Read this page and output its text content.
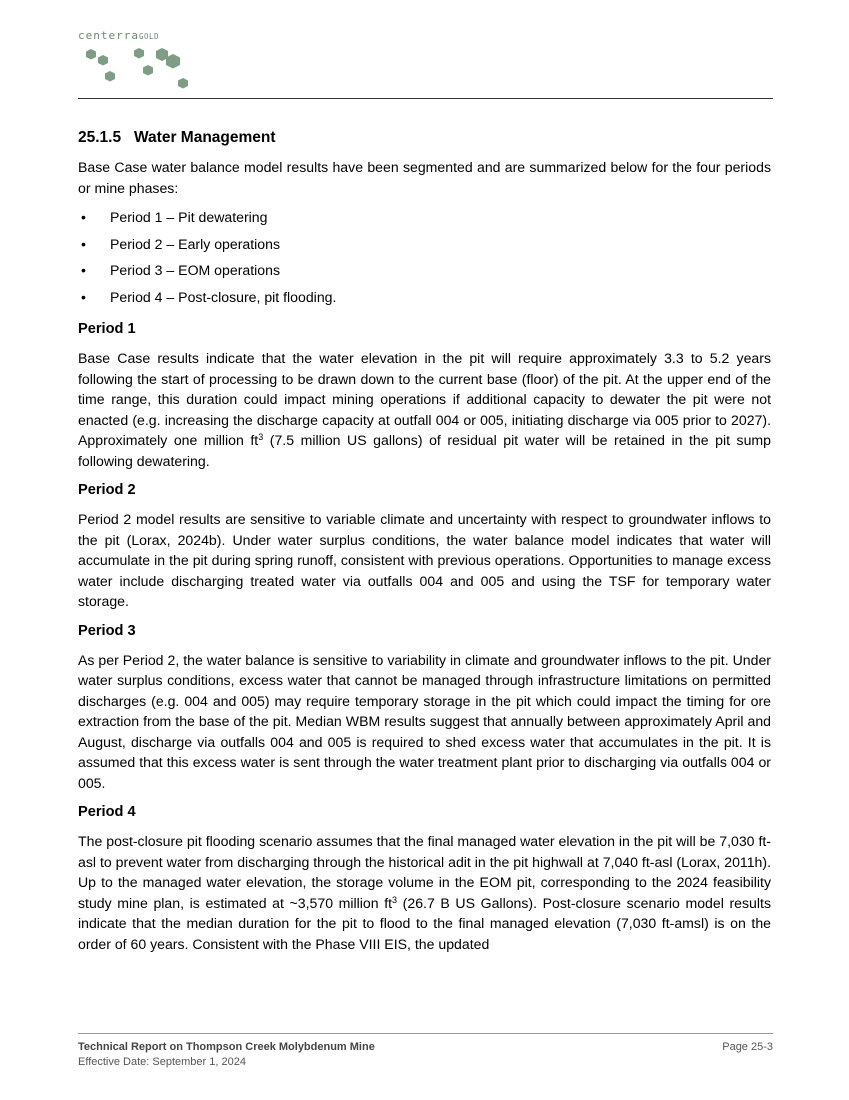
centerraGOLD
25.1.5 Water Management

Base Case water balance model results have been segmented and are summarized below for the four periods or mine phases:

• Period 1 – Pit dewatering
• Period 2 – Early operations
• Period 3 – EOM operations
• Period 4 – Post-closure, pit flooding.
Period 1

Base Case results indicate that the water elevation in the pit will require approximately 3.3 to 5.2 years following the start of processing to be drawn down to the current base (floor) of the pit. At the upper end of the time range, this duration could impact mining operations if additional capacity to dewater the pit were not enacted (e.g. increasing the discharge capacity at outfall 004 or 005, initiating discharge via 005 prior to 2027). Approximately one million $ft^3$ (7.5 million US gallons) of residual pit water will be retained in the pit sump following dewatering.

Period 2

Period 2 model results are sensitive to variable climate and uncertainty with respect to groundwater inflows to the pit (Lorax, 2024b). Under water surplus conditions, the water balance model indicates that water will accumulate in the pit during spring runoff, consistent with previous operations. Opportunities to manage excess water include discharging treated water via outfalls 004 and 005 and using the TSF for temporary water storage.

Period 3

As per Period 2, the water balance is sensitive to variability in climate and groundwater inflows to the pit. Under water surplus conditions, excess water that cannot be managed through infrastructure limitations on permitted discharges (e.g. 004 and 005) may require temporary storage in the pit which could impact the timing for ore extraction from the base of the pit. Median WBM results suggest that annually between approximately April and August, discharge via outfalls 004 and 005 is required to shed excess water that accumulates in the pit. It is assumed that this excess water is sent through the water treatment plant prior to discharging via outfalls 004 or 005.

Period 4

The post-closure pit flooding scenario assumes that the final managed water elevation in the pit will be 7,030 ft-asl to prevent water from discharging through the historical adit in the pit highwall at 7,040 ft-asl (Lorax, 2011h). Up to the managed water elevation, the storage volume in the EOM pit, corresponding to the 2024 feasibility study mine plan, is estimated at ~3,570 million $ft^3$ (26.7 B US Gallons). Post-closure scenario model results indicate that the median duration for the pit to flood to the final managed elevation (7,030 ft-amsl) is on the order of 60 years. Consistent with the Phase VIII EIS, the updated

Technical Report on Thompson Creek Molybdenum Mine
Effective Date: September 1, 2024
Page 25-3
